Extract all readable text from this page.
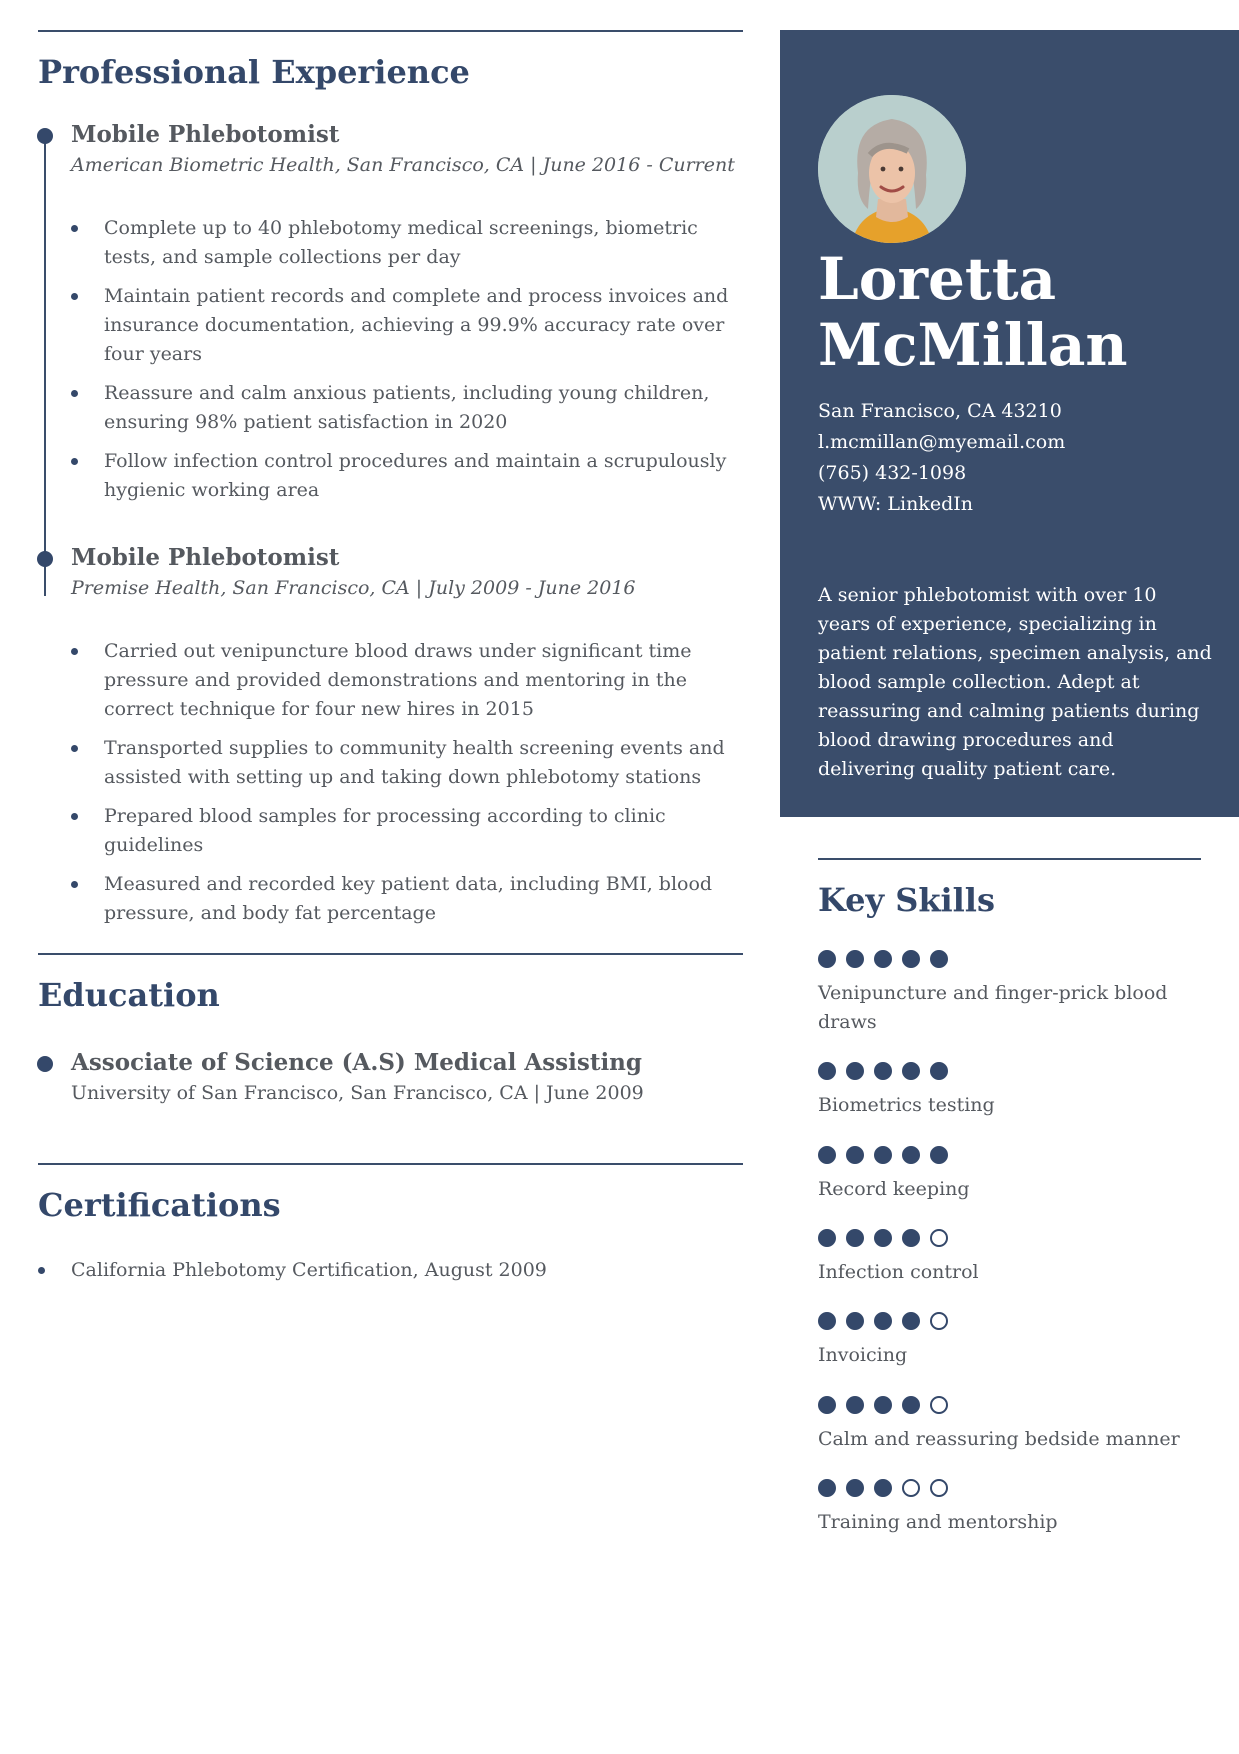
Professional Experience
Mobile Phlebotomist
American Biometric Health, San Francisco, CA | June 2016 - Current
Complete up to 40 phlebotomy medical screenings, biometric tests, and sample collections per day
Maintain patient records and complete and process invoices and insurance documentation, achieving a 99.9% accuracy rate over four years
Reassure and calm anxious patients, including young children, ensuring 98% patient satisfaction in 2020
Follow infection control procedures and maintain a scrupulously hygienic working area
Mobile Phlebotomist
Premise Health, San Francisco, CA | July 2009 - June 2016
Carried out venipuncture blood draws under significant time pressure and provided demonstrations and mentoring in the correct technique for four new hires in 2015
Transported supplies to community health screening events and assisted with setting up and taking down phlebotomy stations
Prepared blood samples for processing according to clinic guidelines
Measured and recorded key patient data, including BMI, blood pressure, and body fat percentage
Education
Associate of Science (A.S) Medical Assisting
University of San Francisco, San Francisco, CA | June 2009
Certifications
California Phlebotomy Certification, August 2009
Loretta
McMillan
San Francisco, CA 43210
l.mcmillan@myemail.com
(765) 432-1098
WWW: LinkedIn
A senior phlebotomist with over 10 years of experience, specializing in patient relations, specimen analysis, and blood sample collection. Adept at reassuring and calming patients during blood drawing procedures and delivering quality patient care.
Key Skills
Venipuncture and finger-prick blood draws
Biometrics testing
Record keeping
Infection control
Invoicing
Calm and reassuring bedside manner
Training and mentorship
